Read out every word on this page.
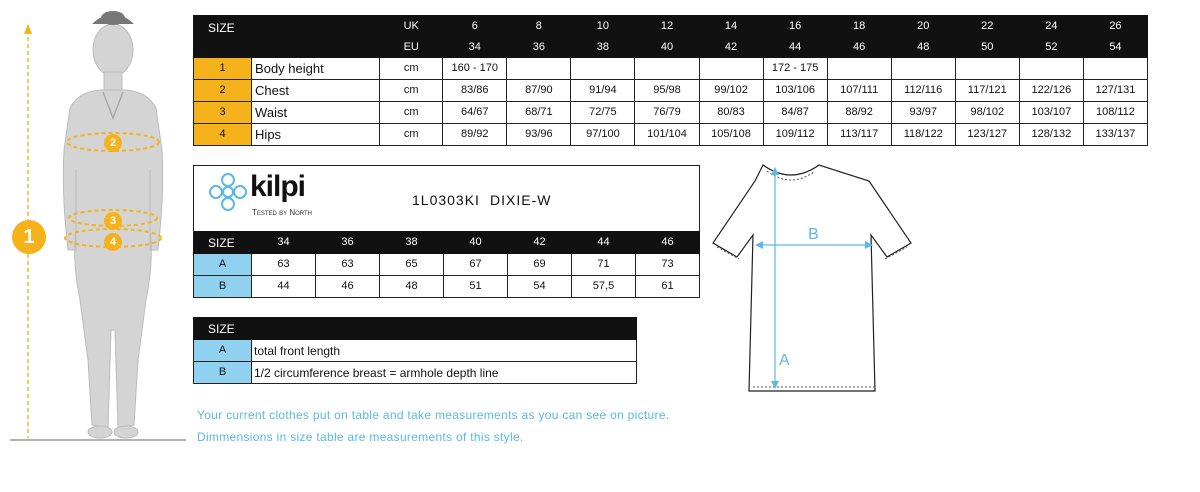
1
2
3
4
SIZE		UK	6	8	10	12	14	16	18	20	22	24	26
		EU	34	36	38	40	42	44	46	48	50	52	54
1	Body height	cm	160 - 170					172 - 175					
2	Chest	cm	83/86	87/90	91/94	95/98	99/102	103/106	107/111	112/116	117/121	122/126	127/131
3	Waist	cm	64/67	68/71	72/75	76/79	80/83	84/87	88/92	93/97	98/102	103/107	108/112
4	Hips	cm	89/92	93/96	97/100	101/104	105/108	109/112	113/117	118/122	123/127	128/132	133/137
kilpi
Tested by North
1L0303KI DIXIE-W
SIZE	34	36	38	40	42	44	46
A	63	63	65	67	69	71	73
B	44	46	48	51	54	57,5	61
SIZE	
A	total front length
B	1/2 circumference breast = armhole depth line
Your current clothes put on table and take measurements as you can see on picture.
Dimmensions in size table are measurements of this style.
A
B
